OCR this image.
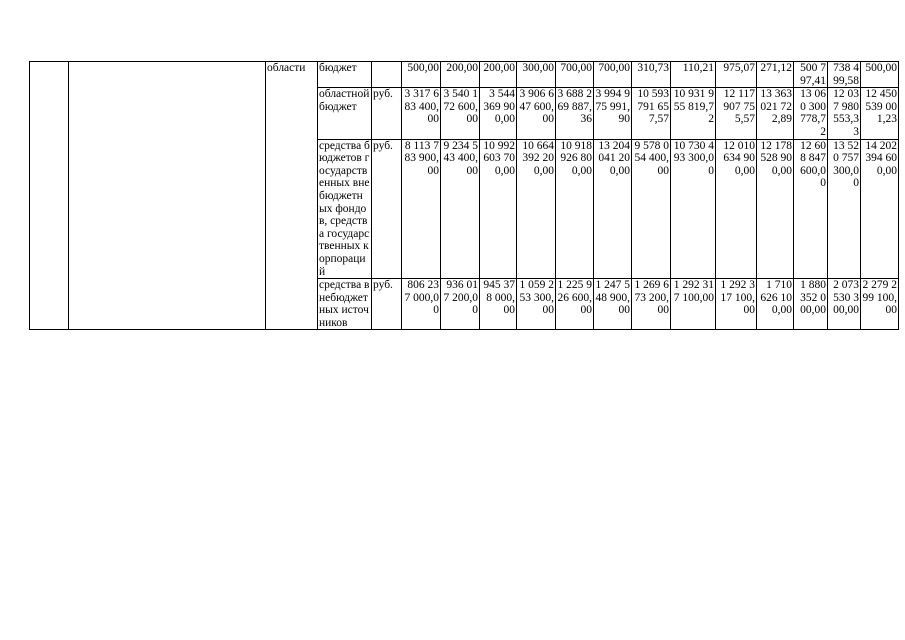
		области	бюджет		500,00	200,00	200,00	300,00	700,00	700,00	310,73	110,21	975,07	271,12	500 797,41	738 499,58	500,00
			областной бюджет	руб.	3 317 683 400,00	3 540 172 600,00	3 544 369 900,00	3 906 647 600,00	3 688 269 887,36	3 994 975 991,90	10 593 791 657,57	10 931 955 819,72	12 117 907 755,57	13 363 021 722,89	13 060 300 778,72	12 037 980 553,33	12 450 539 001,23
			средства бюджетов государственных внебюджетных фондов, средства государственных корпораций	руб.	8 113 783 900,00	9 234 543 400,00	10 992 603 700,00	10 664 392 200,00	10 918 926 800,00	13 204 041 200,00	9 578 054 400,00	10 730 493 300,00	12 010 634 900,00	12 178 528 900,00	12 608 847 600,00	13 520 757 300,00	14 202 394 600,00
			средства внебюджетных источников	руб.	806 237 000,00	936 017 200,00	945 378 000,00	1 059 253 300,00	1 225 926 600,00	1 247 548 900,00	1 269 673 200,00	1 292 317 100,00	1 292 317 100,00	1 710 626 100,00	1 880 352 000,00	2 073 530 300,00	2 279 299 100,00
